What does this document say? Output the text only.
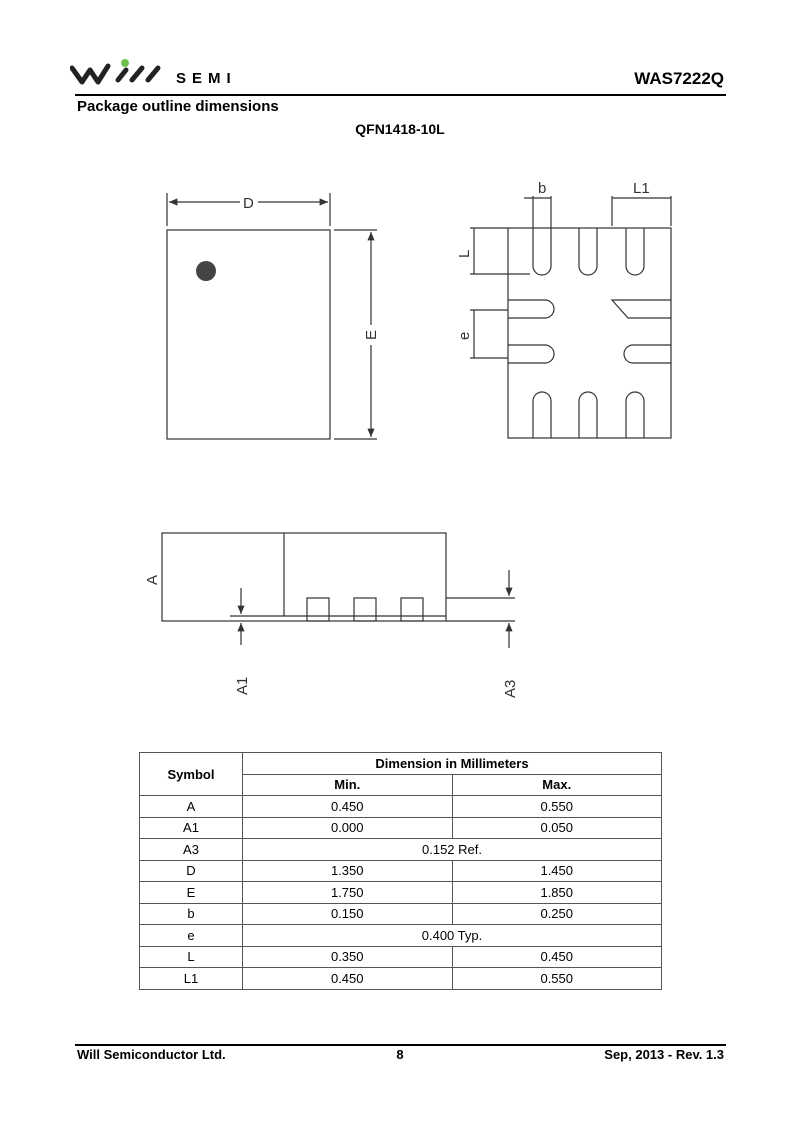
SEMI	WAS7222Q
Package outline dimensions
QFN1418-10L
D
E
b	L1
L
e
A1	A3
A
Symbol	Dimension in Millimeters	
	Min.	Max.
A	0.450	0.550
A1	0.000	0.050
A3	0.152 Ref.	
D	1.350	1.450
E	1.750	1.850
b	0.150	0.250
e	0.400 Typ.	
L	0.350	0.450
L1	0.450	0.550
Will Semiconductor Ltd.	8	Sep, 2013 - Rev. 1.3
